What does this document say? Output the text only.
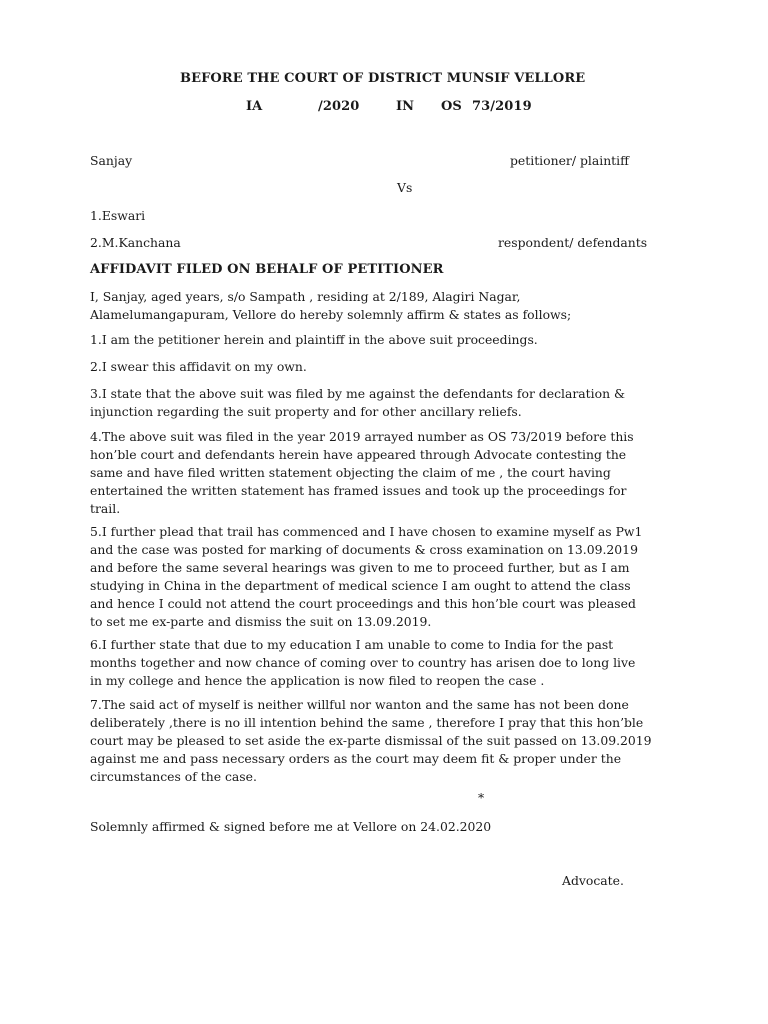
BEFORE THE COURT OF DISTRICT MUNSIF VELLORE
IA	/2020	IN OS 73/2019
Sanjay	petitioner/ plaintiff
Vs
1.Eswari
2.M.Kanchana	respondent/ defendants
AFFIDAVIT FILED ON BEHALF OF PETITIONER
I, Sanjay, aged years, s/o Sampath , residing at 2/189, Alagiri Nagar,
Alamelumangapuram, Vellore do hereby solemnly affirm & states as follows;
1.I am the petitioner herein and plaintiff in the above suit proceedings.
2.I swear this affidavit on my own.
3.I state that the above suit was filed by me against the defendants for declaration &
injunction regarding the suit property and for other ancillary reliefs.
4.The above suit was filed in the year 2019 arrayed number as OS 73/2019 before this
hon’ble court and defendants herein have appeared through Advocate contesting the
same and have filed written statement objecting the claim of me , the court having
entertained the written statement has framed issues and took up the proceedings for
trail.
5.I further plead that trail has commenced and I have chosen to examine myself as Pw1
and the case was posted for marking of documents & cross examination on 13.09.2019
and before the same several hearings was given to me to proceed further, but as I am
studying in China in the department of medical science I am ought to attend the class
and hence I could not attend the court proceedings and this hon’ble court was pleased
to set me ex-parte and dismiss the suit on 13.09.2019.
6.I further state that due to my education I am unable to come to India for the past
months together and now chance of coming over to country has arisen doe to long live
in my college and hence the application is now filed to reopen the case .
7.The said act of myself is neither willful nor wanton and the same has not been done
deliberately ,there is no ill intention behind the same , therefore I pray that this hon’ble
court may be pleased to set aside the ex-parte dismissal of the suit passed on 13.09.2019
against me and pass necessary orders as the court may deem fit & proper under the
circumstances of the case.
*
Solemnly affirmed & signed before me at Vellore on 24.02.2020
Advocate.
